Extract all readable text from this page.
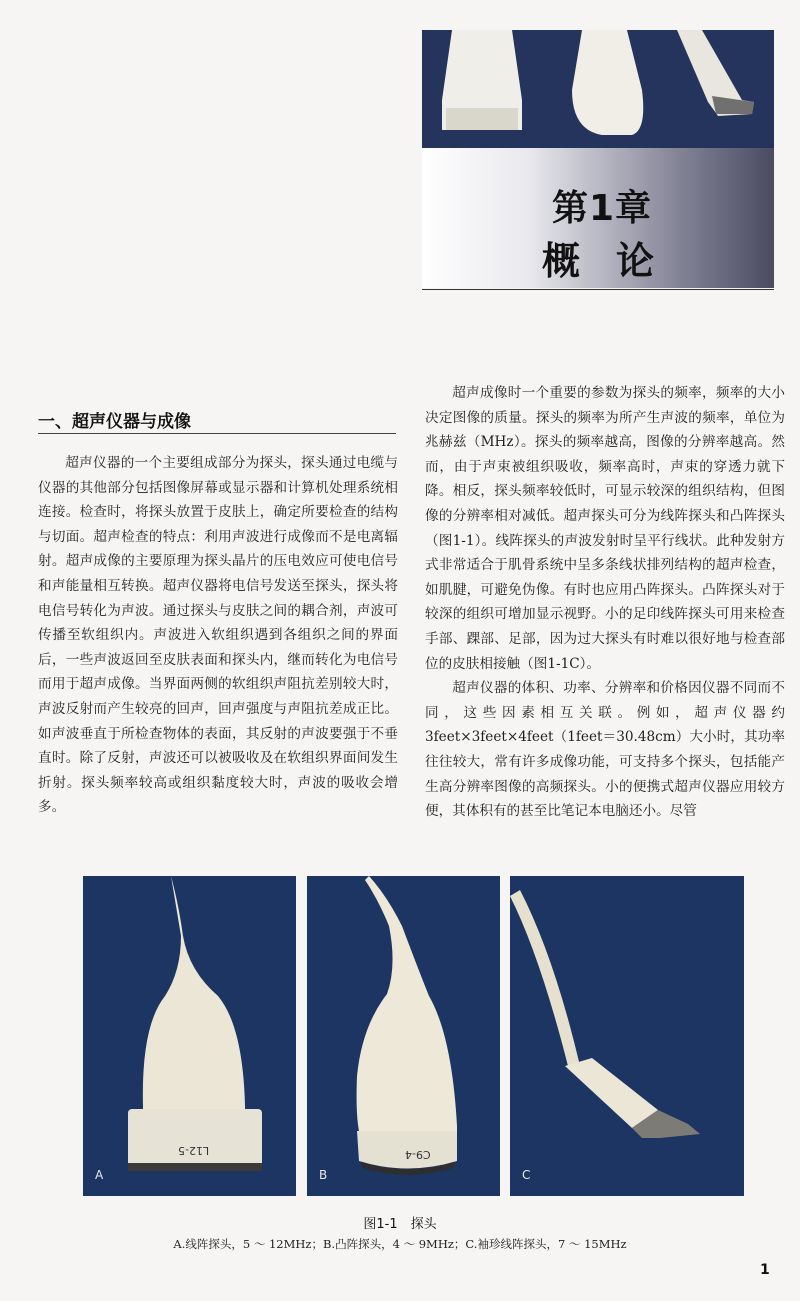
第1章
概论
一、超声仪器与成像

超声仪器的一个主要组成部分为探头，探头通过电缆与仪器的其他部分包括图像屏幕或显示器和计算机处理系统相连接。检查时，将探头放置于皮肤上，确定所要检查的结构与切面。超声检查的特点：利用声波进行成像而不是电离辐射。超声成像的主要原理为探头晶片的压电效应可使电信号和声能量相互转换。超声仪器将电信号发送至探头，探头将电信号转化为声波。通过探头与皮肤之间的耦合剂，声波可传播至软组织内。声波进入软组织遇到各组织之间的界面后，一些声波返回至皮肤表面和探头内，继而转化为电信号而用于超声成像。当界面两侧的软组织声阻抗差别较大时，声波反射而产生较亮的回声，回声强度与声阻抗差成正比。如声波垂直于所检查物体的表面，其反射的声波要强于不垂直时。除了反射，声波还可以被吸收及在软组织界面间发生折射。探头频率较高或组织黏度较大时，声波的吸收会增多。

超声成像时一个重要的参数为探头的频率，频率的大小决定图像的质量。探头的频率为所产生声波的频率，单位为兆赫兹（MHz）。探头的频率越高，图像的分辨率越高。然而，由于声束被组织吸收，频率高时，声束的穿透力就下降。相反，探头频率较低时，可显示较深的组织结构，但图像的分辨率相对减低。超声探头可分为线阵探头和凸阵探头（图1-1）。线阵探头的声波发射时呈平行线状。此种发射方式非常适合于肌骨系统中呈多条线状排列结构的超声检查，如肌腱，可避免伪像。有时也应用凸阵探头。凸阵探头对于较深的组织可增加显示视野。小的足印线阵探头可用来检查手部、踝部、足部，因为过大探头有时难以很好地与检查部位的皮肤相接触（图1-1C）。

超声仪器的体积、功率、分辨率和价格因仪器不同而不同，这些因素相互关联。例如，超声仪器约3feet×3feet×4feet（1feet＝30.48cm）大小时，其功率往往较大，常有许多成像功能，可支持多个探头，包括能产生高分辨率图像的高频探头。小的便携式超声仪器应用较方便，其体积有的甚至比笔记本电脑还小。尽管

L12-5
A
C9-4
B	C
图1-1　探头
A.线阵探头，5 ～ 12MHz；B.凸阵探头，4 ～ 9MHz；C.袖珍线阵探头，7 ～ 15MHz
1
